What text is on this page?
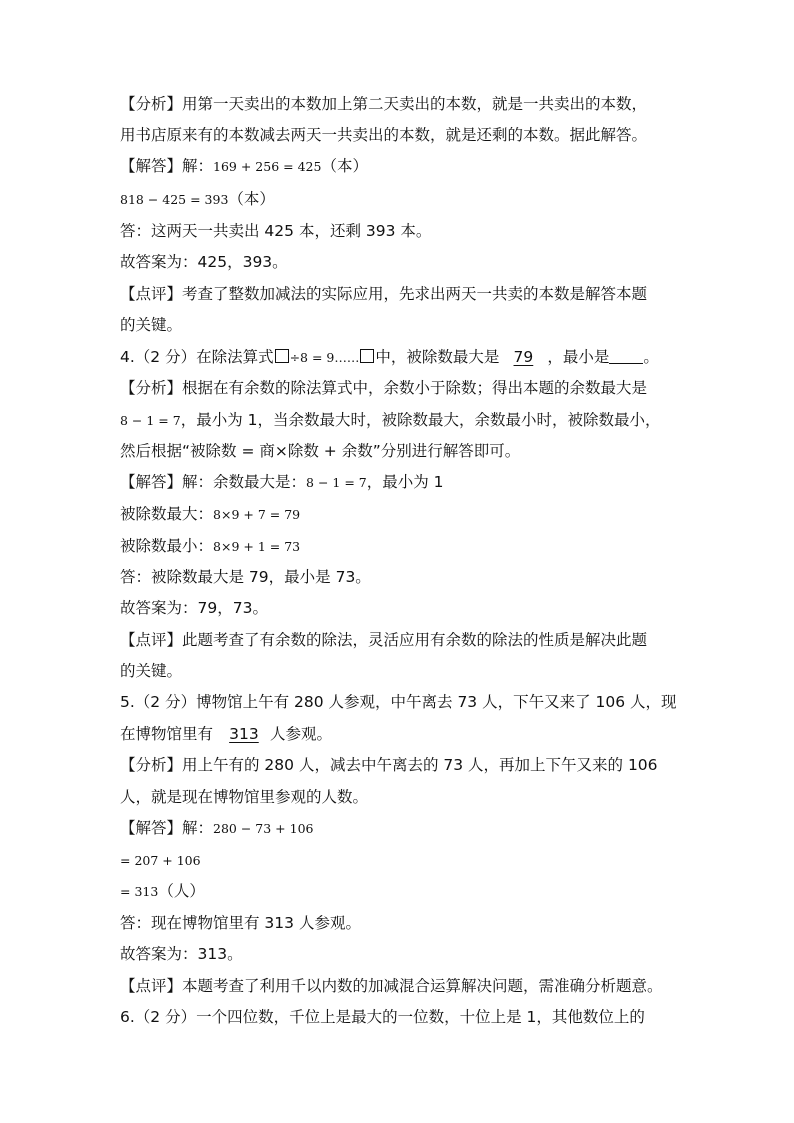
【分析】用第一天卖出的本数加上第二天卖出的本数，就是一共卖出的本数，
用书店原来有的本数减去两天一共卖出的本数，就是还剩的本数。据此解答。
【解答】解：169 + 256 = 425（本）
818 − 425 = 393（本）
答：这两天一共卖出 425 本，还剩 393 本。
故答案为：425，393。
【点评】考查了整数加减法的实际应用，先求出两天一共卖的本数是解答本题
的关键。
4.（2 分）在除法算式 ÷8 = 9…… 中，被除数最大是 79 ，最小是 。
【分析】根据在有余数的除法算式中，余数小于除数；得出本题的余数最大是
8 − 1 = 7，最小为 1，当余数最大时，被除数最大，余数最小时，被除数最小，
然后根据“被除数 = 商×除数 + 余数”分别进行解答即可。
【解答】解：余数最大是：8 − 1 = 7，最小为 1
被除数最大：8×9 + 7 = 79
被除数最小：8×9 + 1 = 73
答：被除数最大是 79，最小是 73。
故答案为：79，73。
【点评】此题考查了有余数的除法，灵活应用有余数的除法的性质是解决此题
的关键。
5.（2 分）博物馆上午有 280 人参观，中午离去 73 人，下午又来了 106 人，现
在博物馆里有 313 人参观。
【分析】用上午有的 280 人，减去中午离去的 73 人，再加上下午又来的 106
人，就是现在博物馆里参观的人数。
【解答】解：280 − 73 + 106
= 207 + 106
= 313（人）
答：现在博物馆里有 313 人参观。
故答案为：313。
【点评】本题考查了利用千以内数的加减混合运算解决问题，需准确分析题意。
6.（2 分）一个四位数，千位上是最大的一位数，十位上是 1，其他数位上的
